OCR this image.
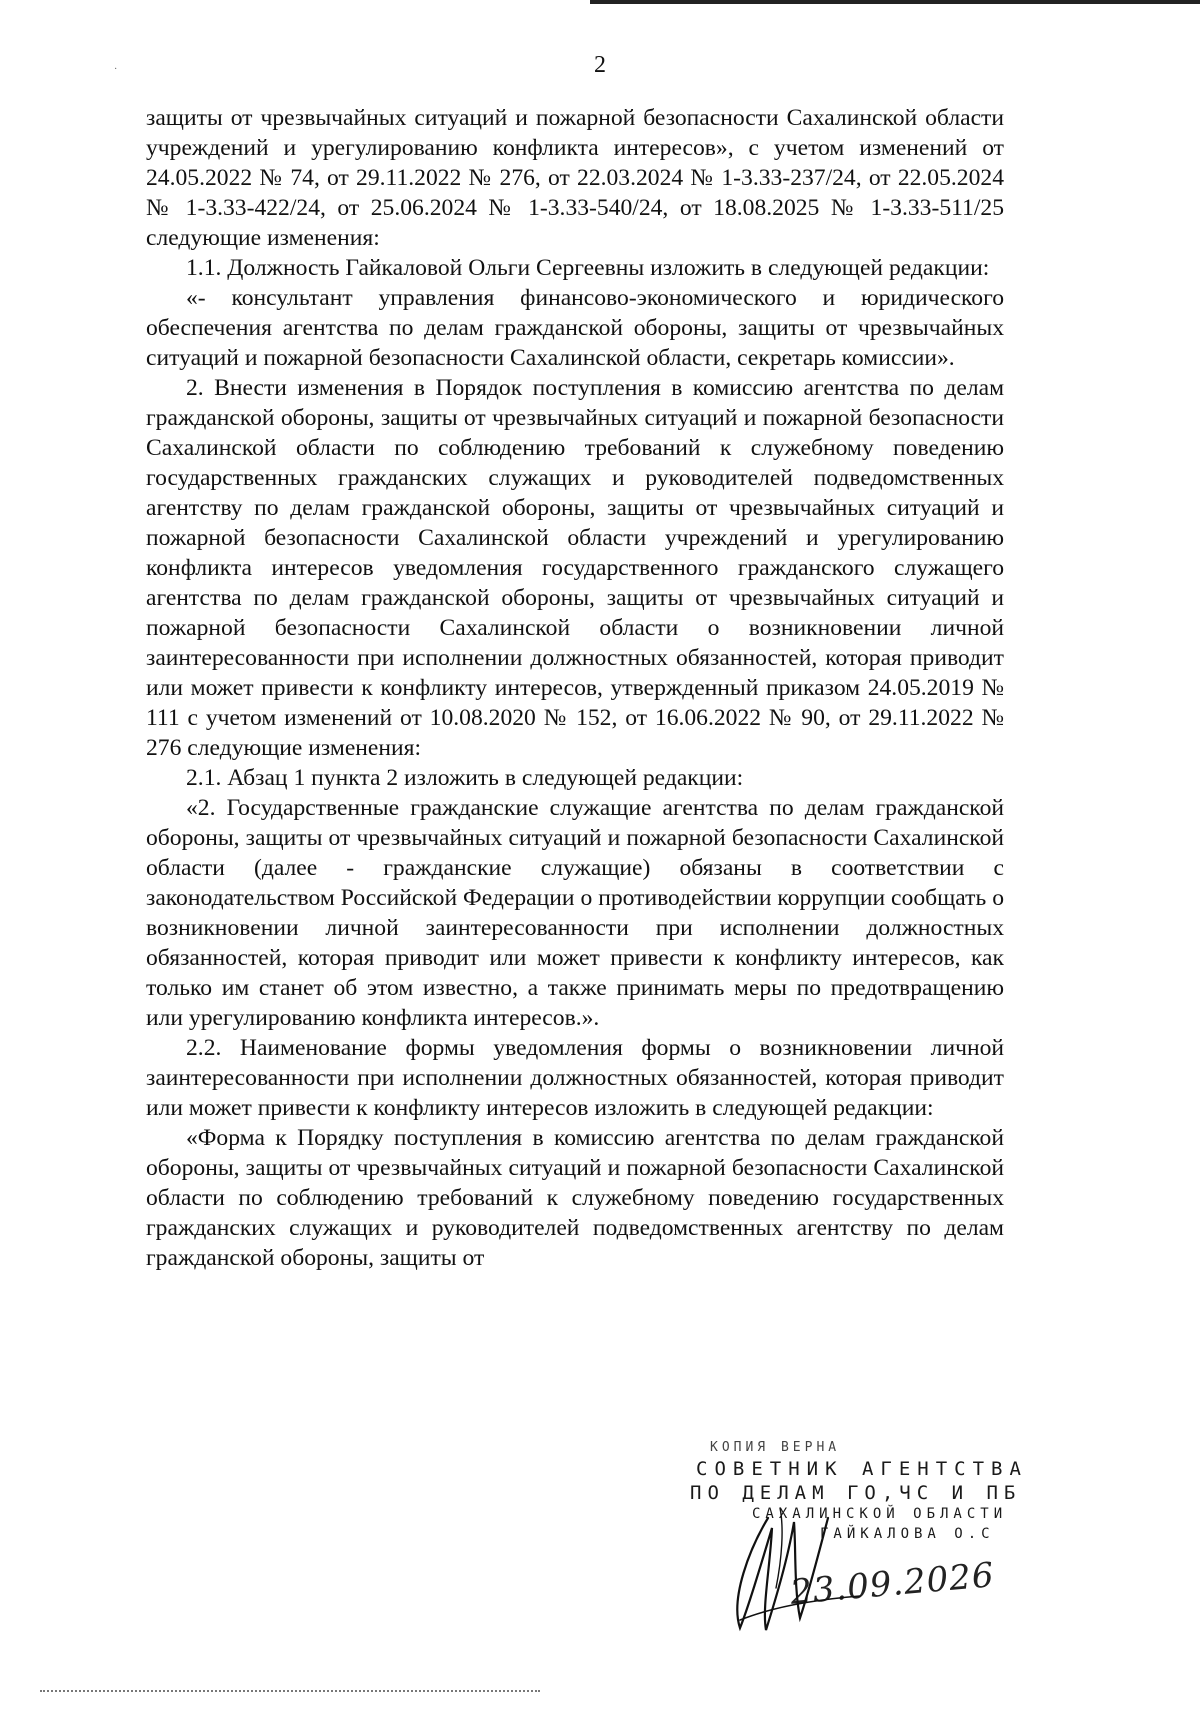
·	2

защиты от чрезвычайных ситуаций и пожарной безопасности Сахалинской области учреждений и урегулированию конфликта интересов», с учетом изменений от 24.05.2022 № 74, от 29.11.2022 № 276, от 22.03.2024 № 1-3.33-237/24, от 22.05.2024 № 1-3.33-422/24, от 25.06.2024 № 1-3.33-540/24, от 18.08.2025 № 1-3.33-511/25 следующие изменения:

1.1. Должность Гайкаловой Ольги Сергеевны изложить в следующей редакции:

«- консультант управления финансово-экономического и юридического обеспечения агентства по делам гражданской обороны, защиты от чрезвычайных ситуаций и пожарной безопасности Сахалинской области, секретарь комиссии».

2. Внести изменения в Порядок поступления в комиссию агентства по делам гражданской обороны, защиты от чрезвычайных ситуаций и пожарной безопасности Сахалинской области по соблюдению требований к служебному поведению государственных гражданских служащих и руководителей подведомственных агентству по делам гражданской обороны, защиты от чрезвычайных ситуаций и пожарной безопасности Сахалинской области учреждений и урегулированию конфликта интересов уведомления государственного гражданского служащего агентства по делам гражданской обороны, защиты от чрезвычайных ситуаций и пожарной безопасности Сахалинской области о возникновении личной заинтересованности при исполнении должностных обязанностей, которая приводит или может привести к конфликту интересов, утвержденный приказом 24.05.2019 № 111 с учетом изменений от 10.08.2020 № 152, от 16.06.2022 № 90, от 29.11.2022 № 276 следующие изменения:

2.1. Абзац 1 пункта 2 изложить в следующей редакции:

«2. Государственные гражданские служащие агентства по делам гражданской обороны, защиты от чрезвычайных ситуаций и пожарной безопасности Сахалинской области (далее - гражданские служащие) обязаны в соответствии с законодательством Российской Федерации о противодействии коррупции сообщать о возникновении личной заинтересованности при исполнении должностных обязанностей, которая приводит или может привести к конфликту интересов, как только им станет об этом известно, а также принимать меры по предотвращению или урегулированию конфликта интересов.».

2.2. Наименование формы уведомления формы о возникновении личной заинтересованности при исполнении должностных обязанностей, которая приводит или может привести к конфликту интересов изложить в следующей редакции:

«Форма к Порядку поступления в комиссию агентства по делам гражданской обороны, защиты от чрезвычайных ситуаций и пожарной безопасности Сахалинской области по соблюдению требований к служебному поведению государственных гражданских служащих и руководителей подведомственных агентству по делам гражданской обороны, защиты от

КОПИЯ ВЕРНА
СОВЕТНИК АГЕНТСТВА
ПО ДЕЛАМ ГО,ЧС И ПБ
САХАЛИНСКОЙ ОБЛАСТИ
ГАЙКАЛОВА О.С
23.09.2026
